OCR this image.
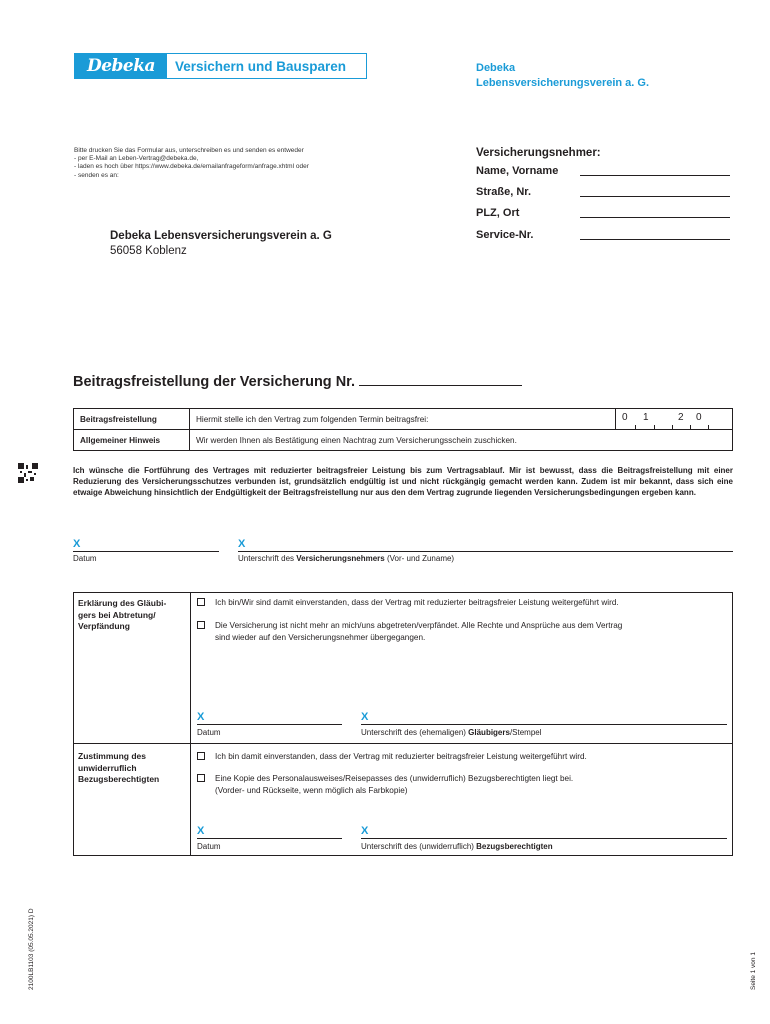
Debeka	Versichern und Bausparen	Debeka
Lebensversicherungsverein a. G.
Bitte drucken Sie das Formular aus, unterschreiben es und senden es entweder
- per E-Mail an Leben-Vertrag@debeka.de,
- laden es hoch über https://www.debeka.de/emailanfrageform/anfrage.xhtml oder
- senden es an:
Debeka Lebensversicherungsverein a. G
56058 Koblenz
Versicherungsnehmer:
Name, Vorname
Straße, Nr.
PLZ, Ort
Service-Nr.
Beitragsfreistellung der Versicherung Nr.
Beitragsfreistellung	Hiermit stelle ich den Vertrag zum folgenden Termin beitragsfrei:	0 1	2 0
Allgemeiner Hinweis	Wir werden Ihnen als Bestätigung einen Nachtrag zum Versicherungsschein zuschicken.
Ich wünsche die Fortführung des Vertrages mit reduzierter beitragsfreier Leistung bis zum Vertragsablauf. Mir ist bewusst, dass die Beitragsfreistellung mit einer Reduzierung des Versicherungsschutzes verbunden ist, grundsätzlich endgültig ist und nicht rückgängig gemacht werden kann. Zudem ist mir bekannt, dass sich eine etwaige Abweichung hinsichtlich der Endgültigkeit der Beitragsfreistellung nur aus den dem Vertrag zugrunde liegenden Versicherungsbedingungen ergeben kann.
X
Datum
X
Unterschrift des Versicherungsnehmers (Vor- und Zuname)
Erklärung des Gläubi-
gers bei Abtretung/
Verpfändung
Ich bin/Wir sind damit einverstanden, dass der Vertrag mit reduzierter beitragsfreier Leistung weitergeführt wird.
Die Versicherung ist nicht mehr an mich/uns abgetreten/verpfändet. Alle Rechte und Ansprüche aus dem Vertrag
sind wieder auf den Versicherungsnehmer übergegangen.
X
Datum
X
Unterschrift des (ehemaligen) Gläubigers/Stempel
Zustimmung des
unwiderruflich
Bezugsberechtigten
Ich bin damit einverstanden, dass der Vertrag mit reduzierter beitragsfreier Leistung weitergeführt wird.
Eine Kopie des Personalausweises/Reisepasses des (unwiderruflich) Bezugsberechtigten liegt bei.
(Vorder- und Rückseite, wenn möglich als Farbkopie)
X
Datum
X
Unterschrift des (unwiderruflich) Bezugsberechtigten
2100LB1103 (05.05.2021) D	Seite 1 von 1
